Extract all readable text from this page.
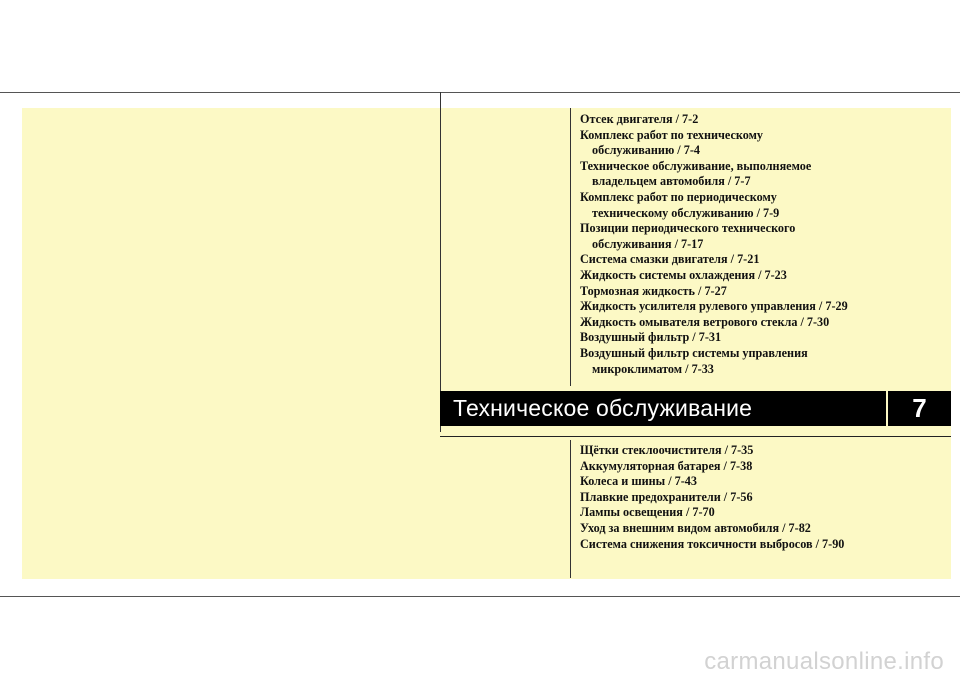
Отсек двигателя / 7-2
Комплекс работ по техническому
обслуживанию / 7-4
Техническое обслуживание, выполняемое
владельцем автомобиля / 7-7
Комплекс работ по периодическому
техническому обслуживанию / 7-9
Позиции периодического технического
обслуживания / 7-17
Система смазки двигателя / 7-21
Жидкость системы охлаждения / 7-23
Тормозная жидкость / 7-27
Жидкость усилителя рулевого управления / 7-29
Жидкость омывателя ветрового стекла / 7-30
Воздушный фильтр / 7-31
Воздушный фильтр системы управления
микроклиматом / 7-33
Техническое обслуживание	7
Щётки стеклоочистителя / 7-35
Аккумуляторная батарея / 7-38
Колеса и шины / 7-43
Плавкие предохранители / 7-56
Лампы освещения / 7-70
Уход за внешним видом автомобиля / 7-82
Система снижения токсичности выбросов / 7-90
carmanualsonline.info
